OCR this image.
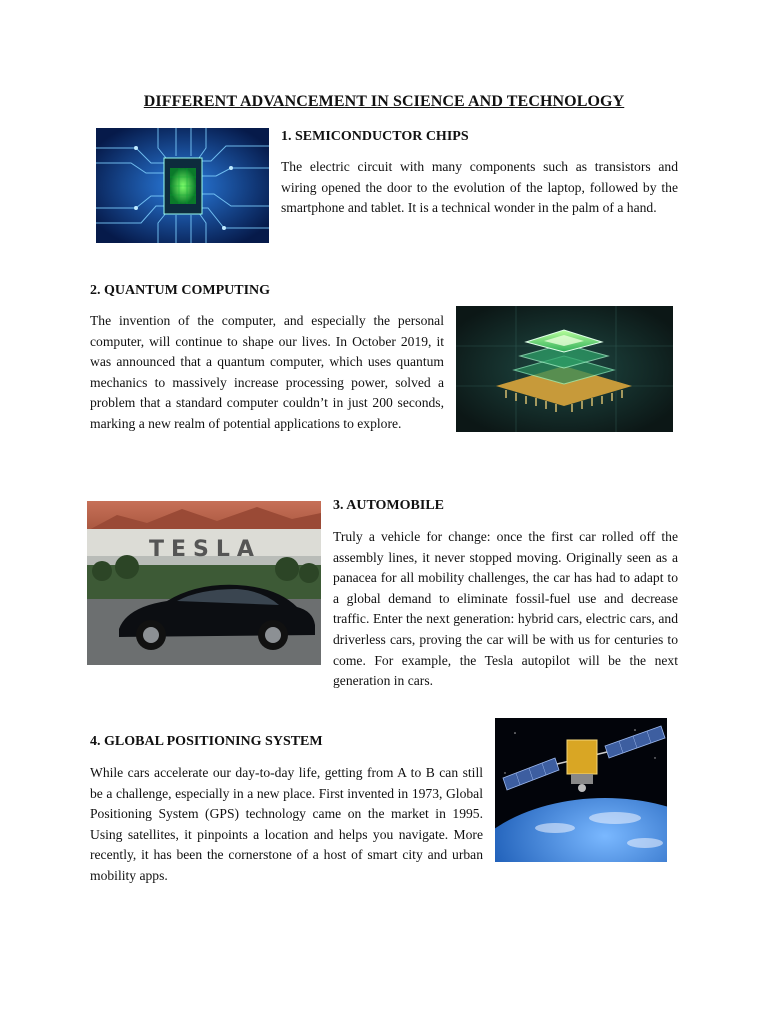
DIFFERENT ADVANCEMENT IN SCIENCE AND TECHNOLOGY
1. SEMICONDUCTOR CHIPS

The electric circuit with many components such as transistors and wiring opened the door to the evolution of the laptop, followed by the smartphone and tablet. It is a technical wonder in the palm of a hand.

2. QUANTUM COMPUTING

The invention of the computer, and especially the personal computer, will continue to shape our lives. In October 2019, it was announced that a quantum computer, which uses quantum mechanics to massively increase processing power, solved a problem that a standard computer couldn’t in just 200 seconds, marking a new realm of potential applications to explore.

TESLA
3. AUTOMOBILE

Truly a vehicle for change: once the first car rolled off the assembly lines, it never stopped moving. Originally seen as a panacea for all mobility challenges, the car has had to adapt to a global demand to eliminate fossil-fuel use and decrease traffic. Enter the next generation: hybrid cars, electric cars, and driverless cars, proving the car will be with us for centuries to come. For example, the Tesla autopilot will be the next generation in cars.

4. GLOBAL POSITIONING SYSTEM

While cars accelerate our day-to-day life, getting from A to B can still be a challenge, especially in a new place. First invented in 1973, Global Positioning System (GPS) technology came on the market in 1995. Using satellites, it pinpoints a location and helps you navigate. More recently, it has been the cornerstone of a host of smart city and urban mobility apps.
